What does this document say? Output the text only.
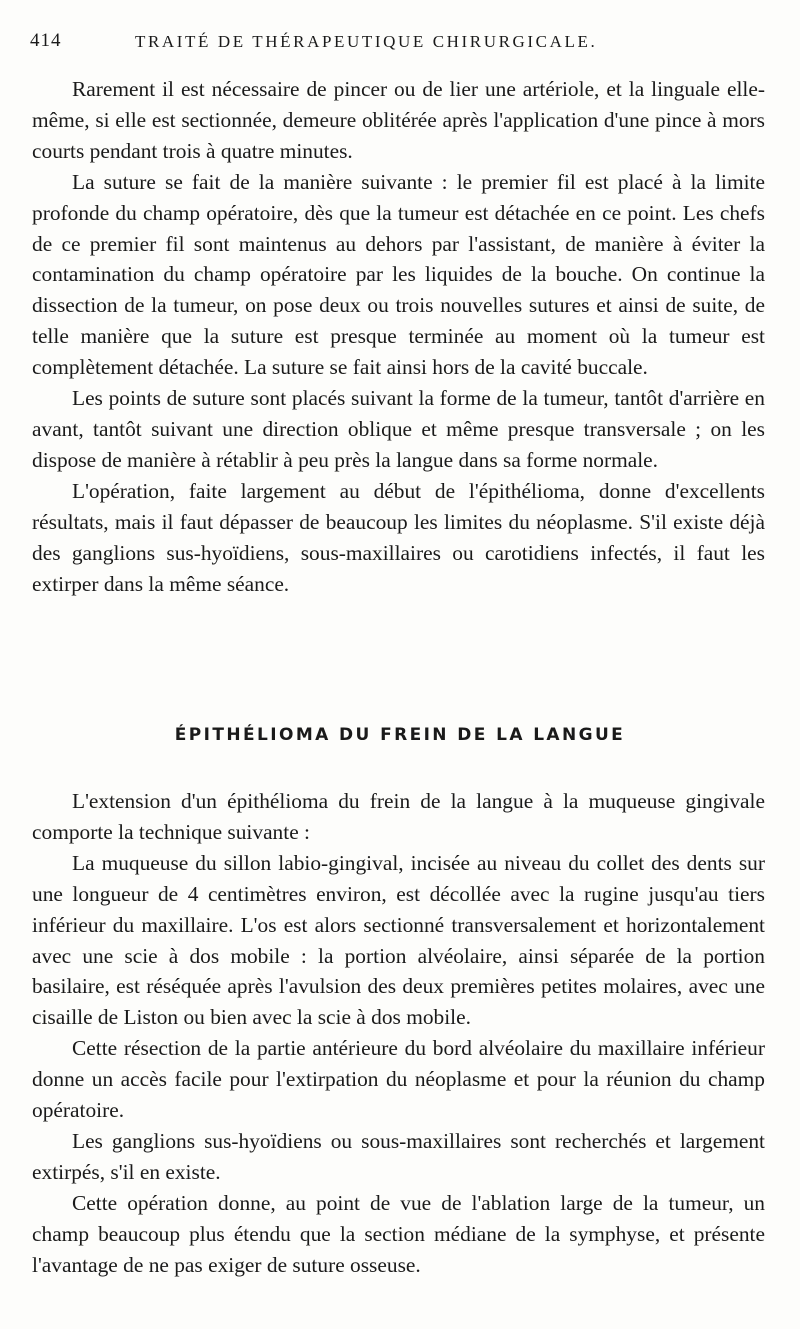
414	TRAITÉ DE THÉRAPEUTIQUE CHIRURGICALE.

Rarement il est nécessaire de pincer ou de lier une artériole, et la linguale elle-même, si elle est sectionnée, demeure oblitérée après l'application d'une pince à mors courts pendant trois à quatre minutes.

La suture se fait de la manière suivante : le premier fil est placé à la limite profonde du champ opératoire, dès que la tumeur est détachée en ce point. Les chefs de ce premier fil sont maintenus au dehors par l'assistant, de manière à éviter la contamination du champ opératoire par les liquides de la bouche. On continue la dissection de la tumeur, on pose deux ou trois nouvelles sutures et ainsi de suite, de telle manière que la suture est presque terminée au moment où la tumeur est complètement détachée. La suture se fait ainsi hors de la cavité buccale.

Les points de suture sont placés suivant la forme de la tumeur, tantôt d'arrière en avant, tantôt suivant une direction oblique et même presque transversale ; on les dispose de manière à rétablir à peu près la langue dans sa forme normale.

L'opération, faite largement au début de l'épithélioma, donne d'excellents résultats, mais il faut dépasser de beaucoup les limites du néoplasme. S'il existe déjà des ganglions sus-hyoïdiens, sous-maxillaires ou carotidiens infectés, il faut les extirper dans la même séance.

ÉPITHÉLIOMA DU FREIN DE LA LANGUE

L'extension d'un épithélioma du frein de la langue à la muqueuse gingivale comporte la technique suivante :

La muqueuse du sillon labio-gingival, incisée au niveau du collet des dents sur une longueur de 4 centimètres environ, est décollée avec la rugine jusqu'au tiers inférieur du maxillaire. L'os est alors sectionné transversalement et horizontalement avec une scie à dos mobile : la portion alvéolaire, ainsi séparée de la portion basilaire, est réséquée après l'avulsion des deux premières petites molaires, avec une cisaille de Liston ou bien avec la scie à dos mobile.

Cette résection de la partie antérieure du bord alvéolaire du maxillaire inférieur donne un accès facile pour l'extirpation du néoplasme et pour la réunion du champ opératoire.

Les ganglions sus-hyoïdiens ou sous-maxillaires sont recherchés et largement extirpés, s'il en existe.

Cette opération donne, au point de vue de l'ablation large de la tumeur, un champ beaucoup plus étendu que la section médiane de la symphyse, et présente l'avantage de ne pas exiger de suture osseuse.
